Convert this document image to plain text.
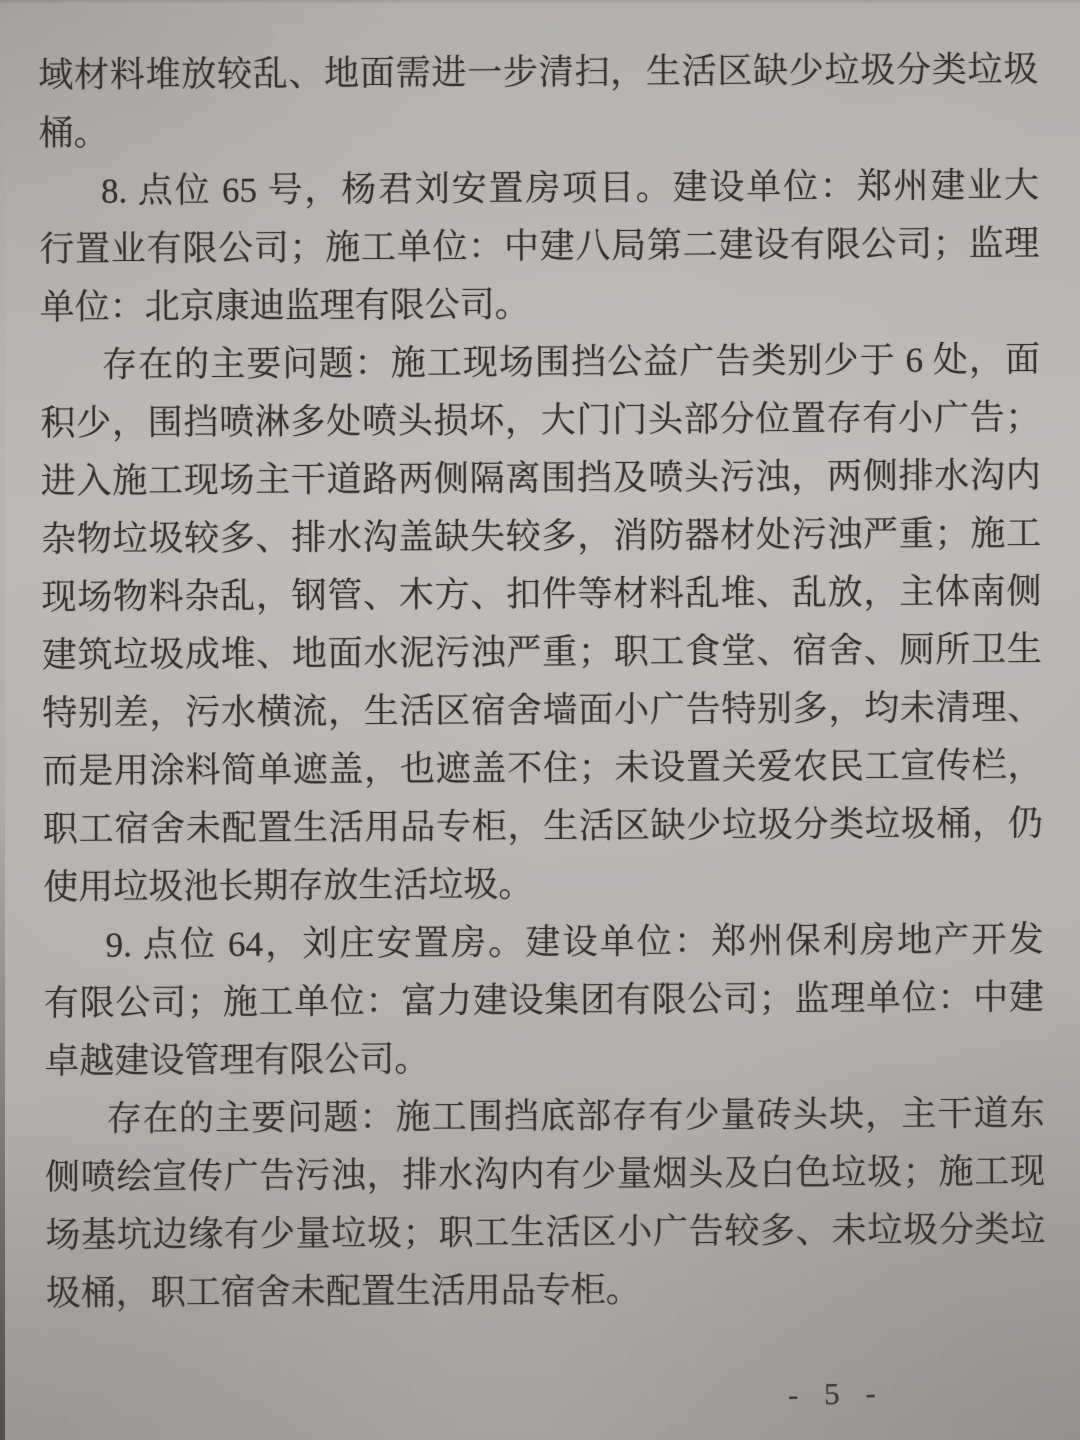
域材料堆放较乱、地面需进一步清扫，生活区缺少垃圾分类垃圾
桶。
8. 点位 65 号，杨君刘安置房项目。建设单位：郑州建业大
行置业有限公司；施工单位：中建八局第二建设有限公司；监理
单位：北京康迪监理有限公司。
存在的主要问题：施工现场围挡公益广告类别少于 6 处，面
积少，围挡喷淋多处喷头损坏，大门门头部分位置存有小广告；
进入施工现场主干道路两侧隔离围挡及喷头污浊，两侧排水沟内
杂物垃圾较多、排水沟盖缺失较多，消防器材处污浊严重；施工
现场物料杂乱，钢管、木方、扣件等材料乱堆、乱放，主体南侧
建筑垃圾成堆、地面水泥污浊严重；职工食堂、宿舍、厕所卫生
特别差，污水横流，生活区宿舍墙面小广告特别多，均未清理、
而是用涂料简单遮盖，也遮盖不住；未设置关爱农民工宣传栏，
职工宿舍未配置生活用品专柜，生活区缺少垃圾分类垃圾桶，仍
使用垃圾池长期存放生活垃圾。
9. 点位 64，刘庄安置房。建设单位：郑州保利房地产开发
有限公司；施工单位：富力建设集团有限公司；监理单位：中建
卓越建设管理有限公司。
存在的主要问题：施工围挡底部存有少量砖头块，主干道东
侧喷绘宣传广告污浊，排水沟内有少量烟头及白色垃圾；施工现
场基坑边缘有少量垃圾；职工生活区小广告较多、未垃圾分类垃
圾桶，职工宿舍未配置生活用品专柜。
- 5 -
